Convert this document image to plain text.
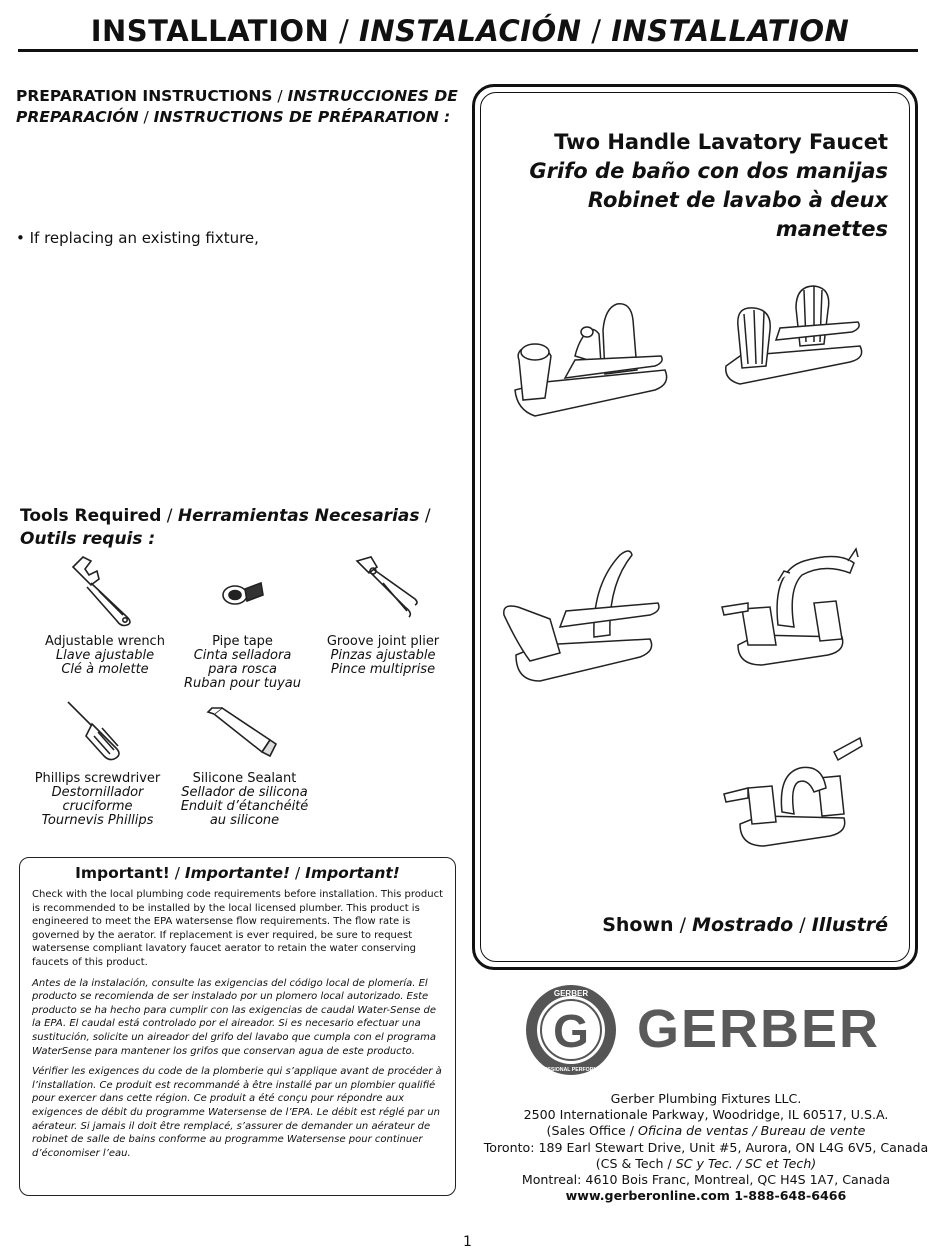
INSTALLATION / INSTALACIÓN / INSTALLATION
PREPARATION INSTRUCTIONS / INSTRUCCIONES DE PREPARACIÓN / INSTRUCTIONS DE PRÉPARATION :
• If replacing an existing fixture,
Tools Required / Herramientas Necesarias /
Outils requis :
Adjustable wrench
Llave ajustable
Clé à molette
Pipe tape
Cinta selladora
para rosca
Ruban pour tuyau
Groove joint plier
Pinzas ajustable
Pince multiprise
Phillips screwdriver
Destornillador
cruciforme
Tournevis Phillips
Silicone Sealant
Sellador de silicona
Enduit d’étanchéité
au silicone
Important! / Importante! / Important!

Check with the local plumbing code requirements before installation. This product is recommended to be installed by the local licensed plumber. This product is engineered to meet the EPA watersense flow requirements. The flow rate is governed by the aerator. If replacement is ever required, be sure to request watersense compliant lavatory faucet aerator to retain the water conserving faucets of this product.

Antes de la instalación, consulte las exigencias del código local de plomería. El producto se recomienda de ser instalado por un plomero local autorizado. Este producto se ha hecho para cumplir con las exigencias de caudal Water-Sense de la EPA. El caudal está controlado por el aireador. Si es necesario efectuar una sustitución, solicite un aireador del grifo del lavabo que cumpla con el programa WaterSense para mantener los grifos que conservan agua de este producto.

Vérifier les exigences du code de la plomberie qui s’applique avant de procéder à l’installation. Ce produit est recommandé à être installé par un plombier qualifié pour exercer dans cette région. Ce produit a été conçu pour répondre aux exigences de débit du programme Watersense de l’EPA. Le débit est réglé par un aérateur. Si jamais il doit être remplacé, s’assurer de demander un aérateur de robinet de salle de bains conforme au programme Watersense pour continuer d’économiser l’eau.

Two Handle Lavatory Faucet
Grifo de baño con dos manijas
Robinet de lavabo à deux manettes
Shown / Mostrado / Illustré
G
GERBER
PROFESSIONAL PERFORMANCE
GERBER
Gerber Plumbing Fixtures LLC.
2500 Internationale Parkway, Woodridge, IL 60517, U.S.A.
(Sales Office / Oficina de ventas / Bureau de vente
Toronto: 189 Earl Stewart Drive, Unit #5, Aurora, ON L4G 6V5, Canada
(CS & Tech / SC y Tec. / SC et Tech)
Montreal: 4610 Bois Franc, Montreal, QC H4S 1A7, Canada
www.gerberonline.com 1-888-648-6466
1
